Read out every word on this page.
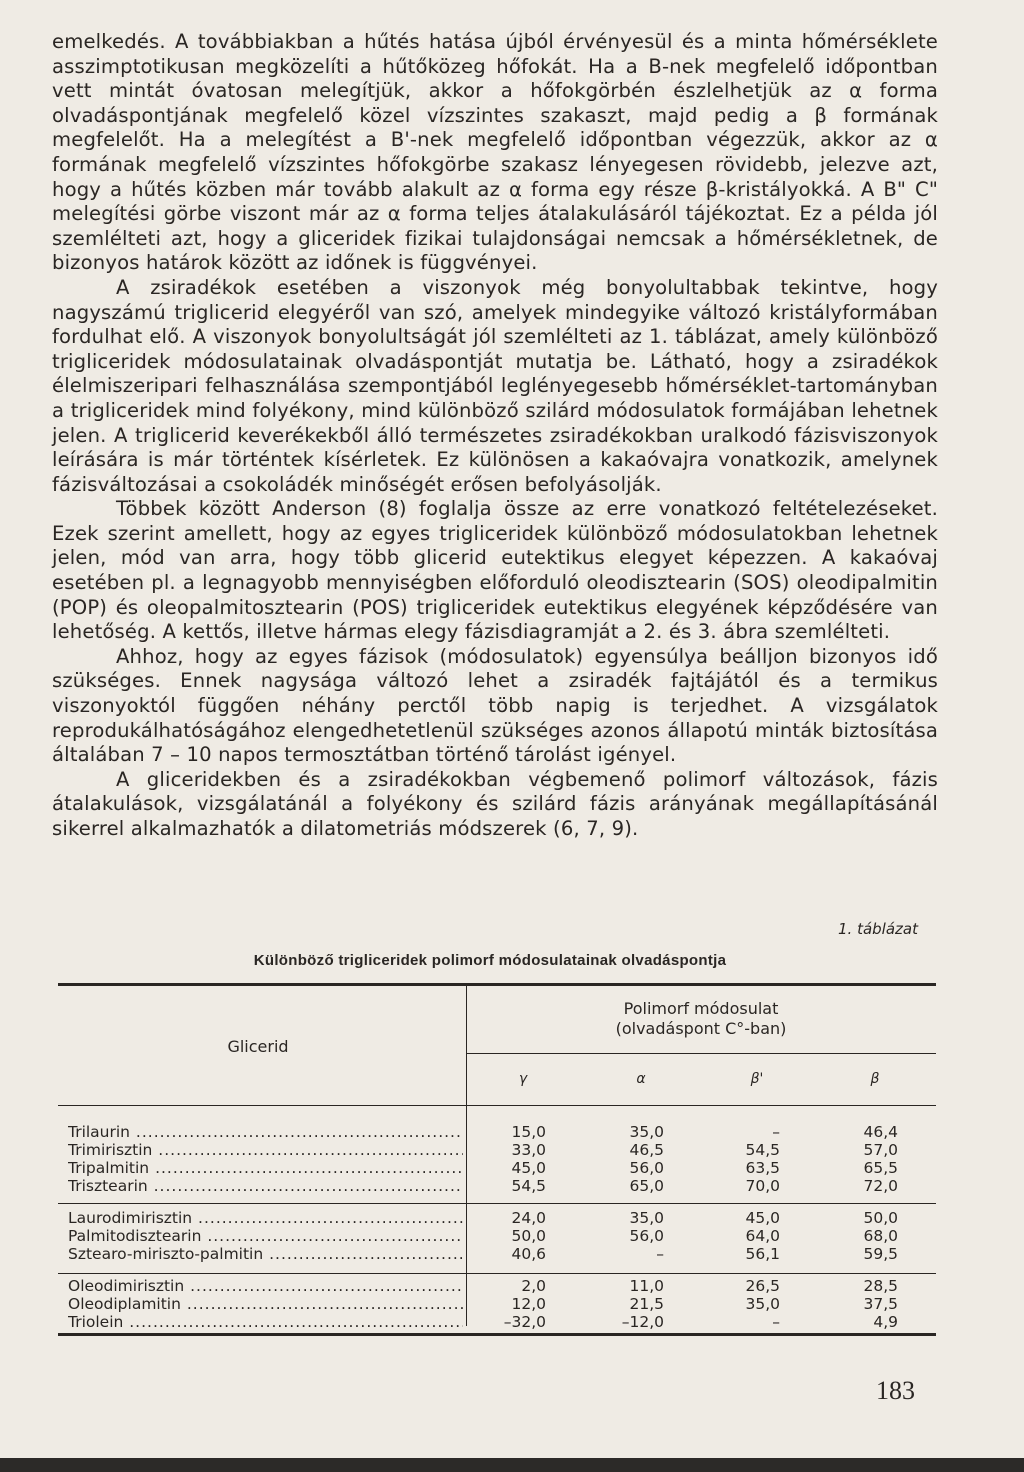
emelkedés. A továbbiakban a hűtés hatása újból érvényesül és a minta hőmérséklete asszimptotikusan megközelíti a hűtőközeg hőfokát. Ha a B-nek megfelelő időpontban vett mintát óvatosan melegítjük, akkor a hőfokgörbén észlelhetjük az α forma olvadáspontjának megfelelő közel vízszintes szakaszt, majd pedig a β formának megfelelőt. Ha a melegítést a B'-nek megfelelő időpontban végezzük, akkor az α formának megfelelő vízszintes hőfokgörbe szakasz lényegesen rövidebb, jelezve azt, hogy a hűtés közben már tovább alakult az α forma egy része β-kristályokká. A B" C" melegítési görbe viszont már az α forma teljes átalakulásáról tájékoztat. Ez a példa jól szemlélteti azt, hogy a gliceridek fizikai tulajdonságai nemcsak a hőmérsékletnek, de bizonyos határok között az időnek is függvényei.

A zsiradékok esetében a viszonyok még bonyolultabbak tekintve, hogy nagyszámú triglicerid elegyéről van szó, amelyek mindegyike változó kristályformában fordulhat elő. A viszonyok bonyolultságát jól szemlélteti az 1. táblázat, amely különböző trigliceridek módosulatainak olvadáspontját mutatja be. Látható, hogy a zsiradékok élelmiszeripari felhasználása szempontjából leglényegesebb hőmérséklet-tartományban a trigliceridek mind folyékony, mind különböző szilárd módosulatok formájában lehetnek jelen. A triglicerid keverékekből álló természetes zsiradékokban uralkodó fázisviszonyok leírására is már történtek kísérletek. Ez különösen a kakaóvajra vonatkozik, amelynek fázisváltozásai a csokoládék minőségét erősen befolyásolják.

Többek között Anderson (8) foglalja össze az erre vonatkozó feltételezéseket. Ezek szerint amellett, hogy az egyes trigliceridek különböző módosulatokban lehetnek jelen, mód van arra, hogy több glicerid eutektikus elegyet képezzen. A kakaóvaj esetében pl. a legnagyobb mennyiségben előforduló oleodisztearin (SOS) oleodipalmitin (POP) és oleopalmitosztearin (POS) trigliceridek eutektikus elegyének képződésére van lehetőség. A kettős, illetve hármas elegy fázisdiagramját a 2. és 3. ábra szemlélteti.

Ahhoz, hogy az egyes fázisok (módosulatok) egyensúlya beálljon bizonyos idő szükséges. Ennek nagysága változó lehet a zsiradék fajtájától és a termikus viszonyoktól függően néhány perctől több napig is terjedhet. A vizsgálatok reprodukálhatóságához elengedhetetlenül szükséges azonos állapotú minták biztosítása általában 7 – 10 napos termosztátban történő tárolást igényel.

A gliceridekben és a zsiradékokban végbemenő polimorf változások, fázis átalakulások, vizsgálatánál a folyékony és szilárd fázis arányának megállapításánál sikerrel alkalmazhatók a dilatometriás módszerek (6, 7, 9).

1. táblázat
Különböző trigliceridek polimorf módosulatainak olvadáspontja
Glicerid
Polimorf módosulat
(olvadáspont C°-ban)
γ	α	β'	β
Trilaurin .....	15,0	35,0	–	46,4
Trimirisztin .....	33,0	46,5	54,5	57,0
Tripalmitin .....	45,0	56,0	63,5	65,5
Trisztearin .....	54,5	65,0	70,0	72,0
Laurodimirisztin .....	24,0	35,0	45,0	50,0
Palmitodisztearin .....	50,0	56,0	64,0	68,0
Sztearo-mirisztо-palmitin .....	40,6	–	56,1	59,5
Oleodimirisztin .....	2,0	11,0	26,5	28,5
Oleodiplamitin .....	12,0	21,5	35,0	37,5
Triolein .....	–32,0	–12,0	–	4,9
183
